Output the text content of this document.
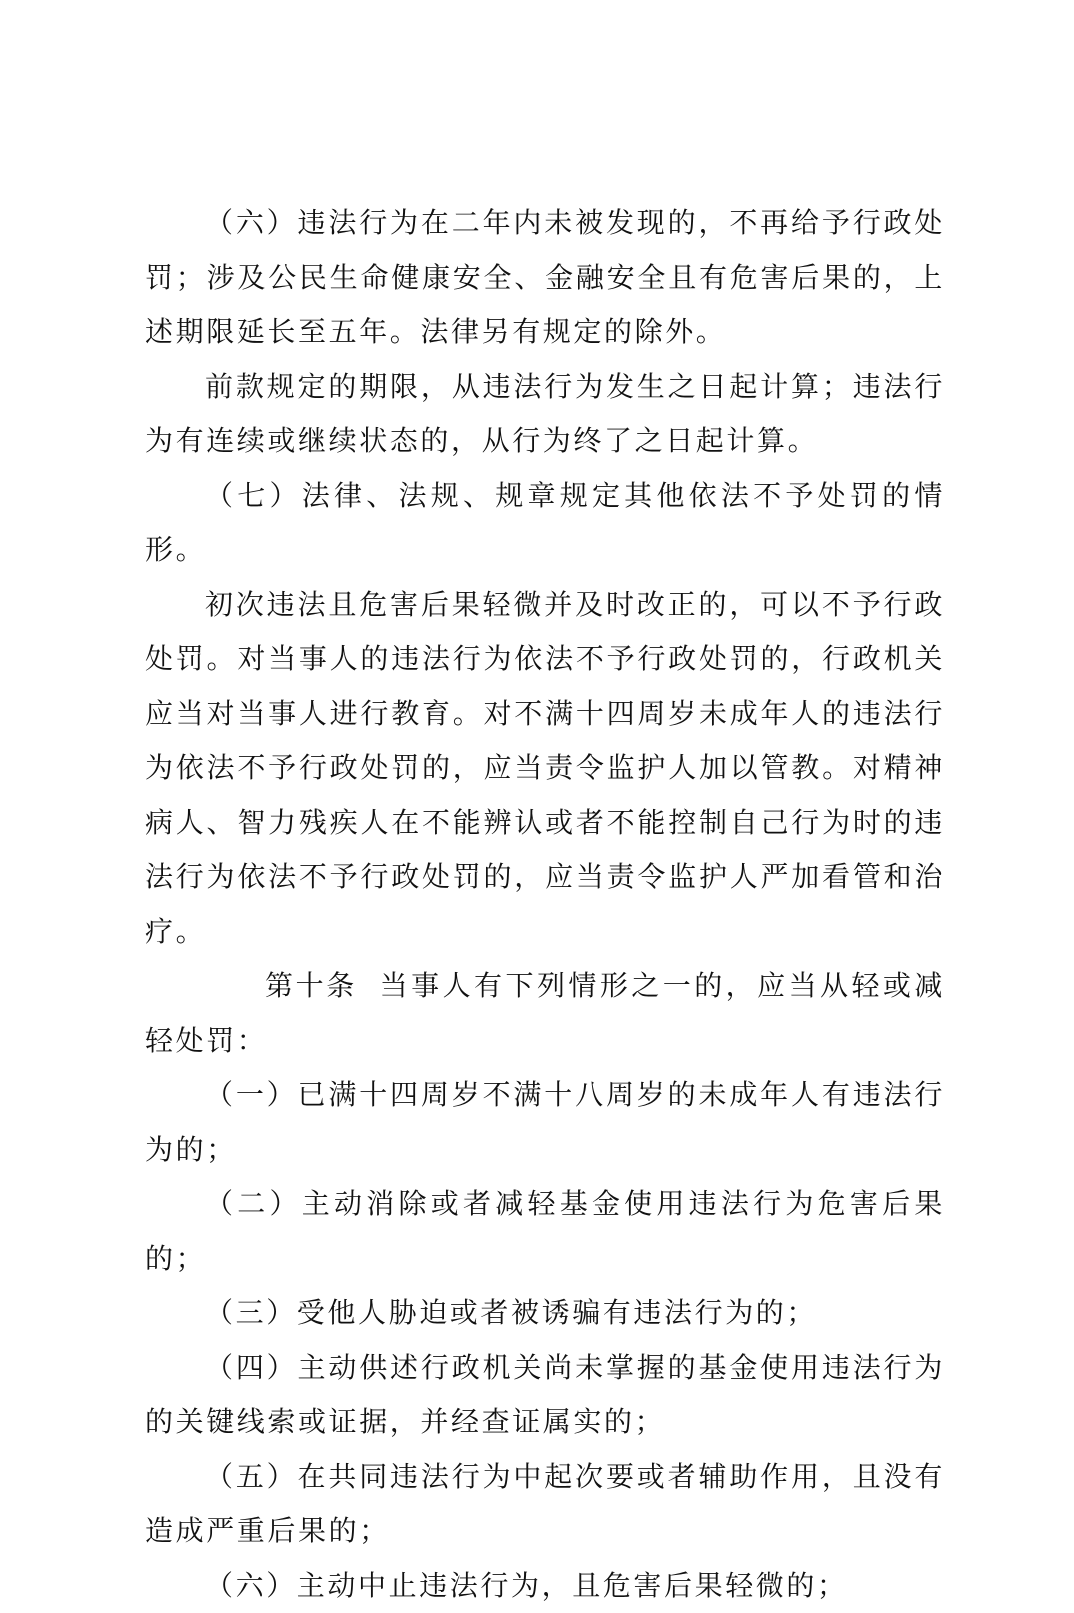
（六）违法行为在二年内未被发现的，不再给予行政处罚；涉及公民生命健康安全、金融安全且有危害后果的，上述期限延长至五年。法律另有规定的除外。

前款规定的期限，从违法行为发生之日起计算；违法行为有连续或继续状态的，从行为终了之日起计算。

（七）法律、法规、规章规定其他依法不予处罚的情形。

初次违法且危害后果轻微并及时改正的，可以不予行政处罚。对当事人的违法行为依法不予行政处罚的，行政机关应当对当事人进行教育。对不满十四周岁未成年人的违法行为依法不予行政处罚的，应当责令监护人加以管教。对精神病人、智力残疾人在不能辨认或者不能控制自己行为时的违法行为依法不予行政处罚的，应当责令监护人严加看管和治疗。

第十条 当事人有下列情形之一的，应当从轻或减轻处罚：

（一）已满十四周岁不满十八周岁的未成年人有违法行为的；

（二）主动消除或者减轻基金使用违法行为危害后果的；

（三）受他人胁迫或者被诱骗有违法行为的；

（四）主动供述行政机关尚未掌握的基金使用违法行为的关键线索或证据，并经查证属实的；

（五）在共同违法行为中起次要或者辅助作用，且没有造成严重后果的；

（六）主动中止违法行为，且危害后果轻微的；
